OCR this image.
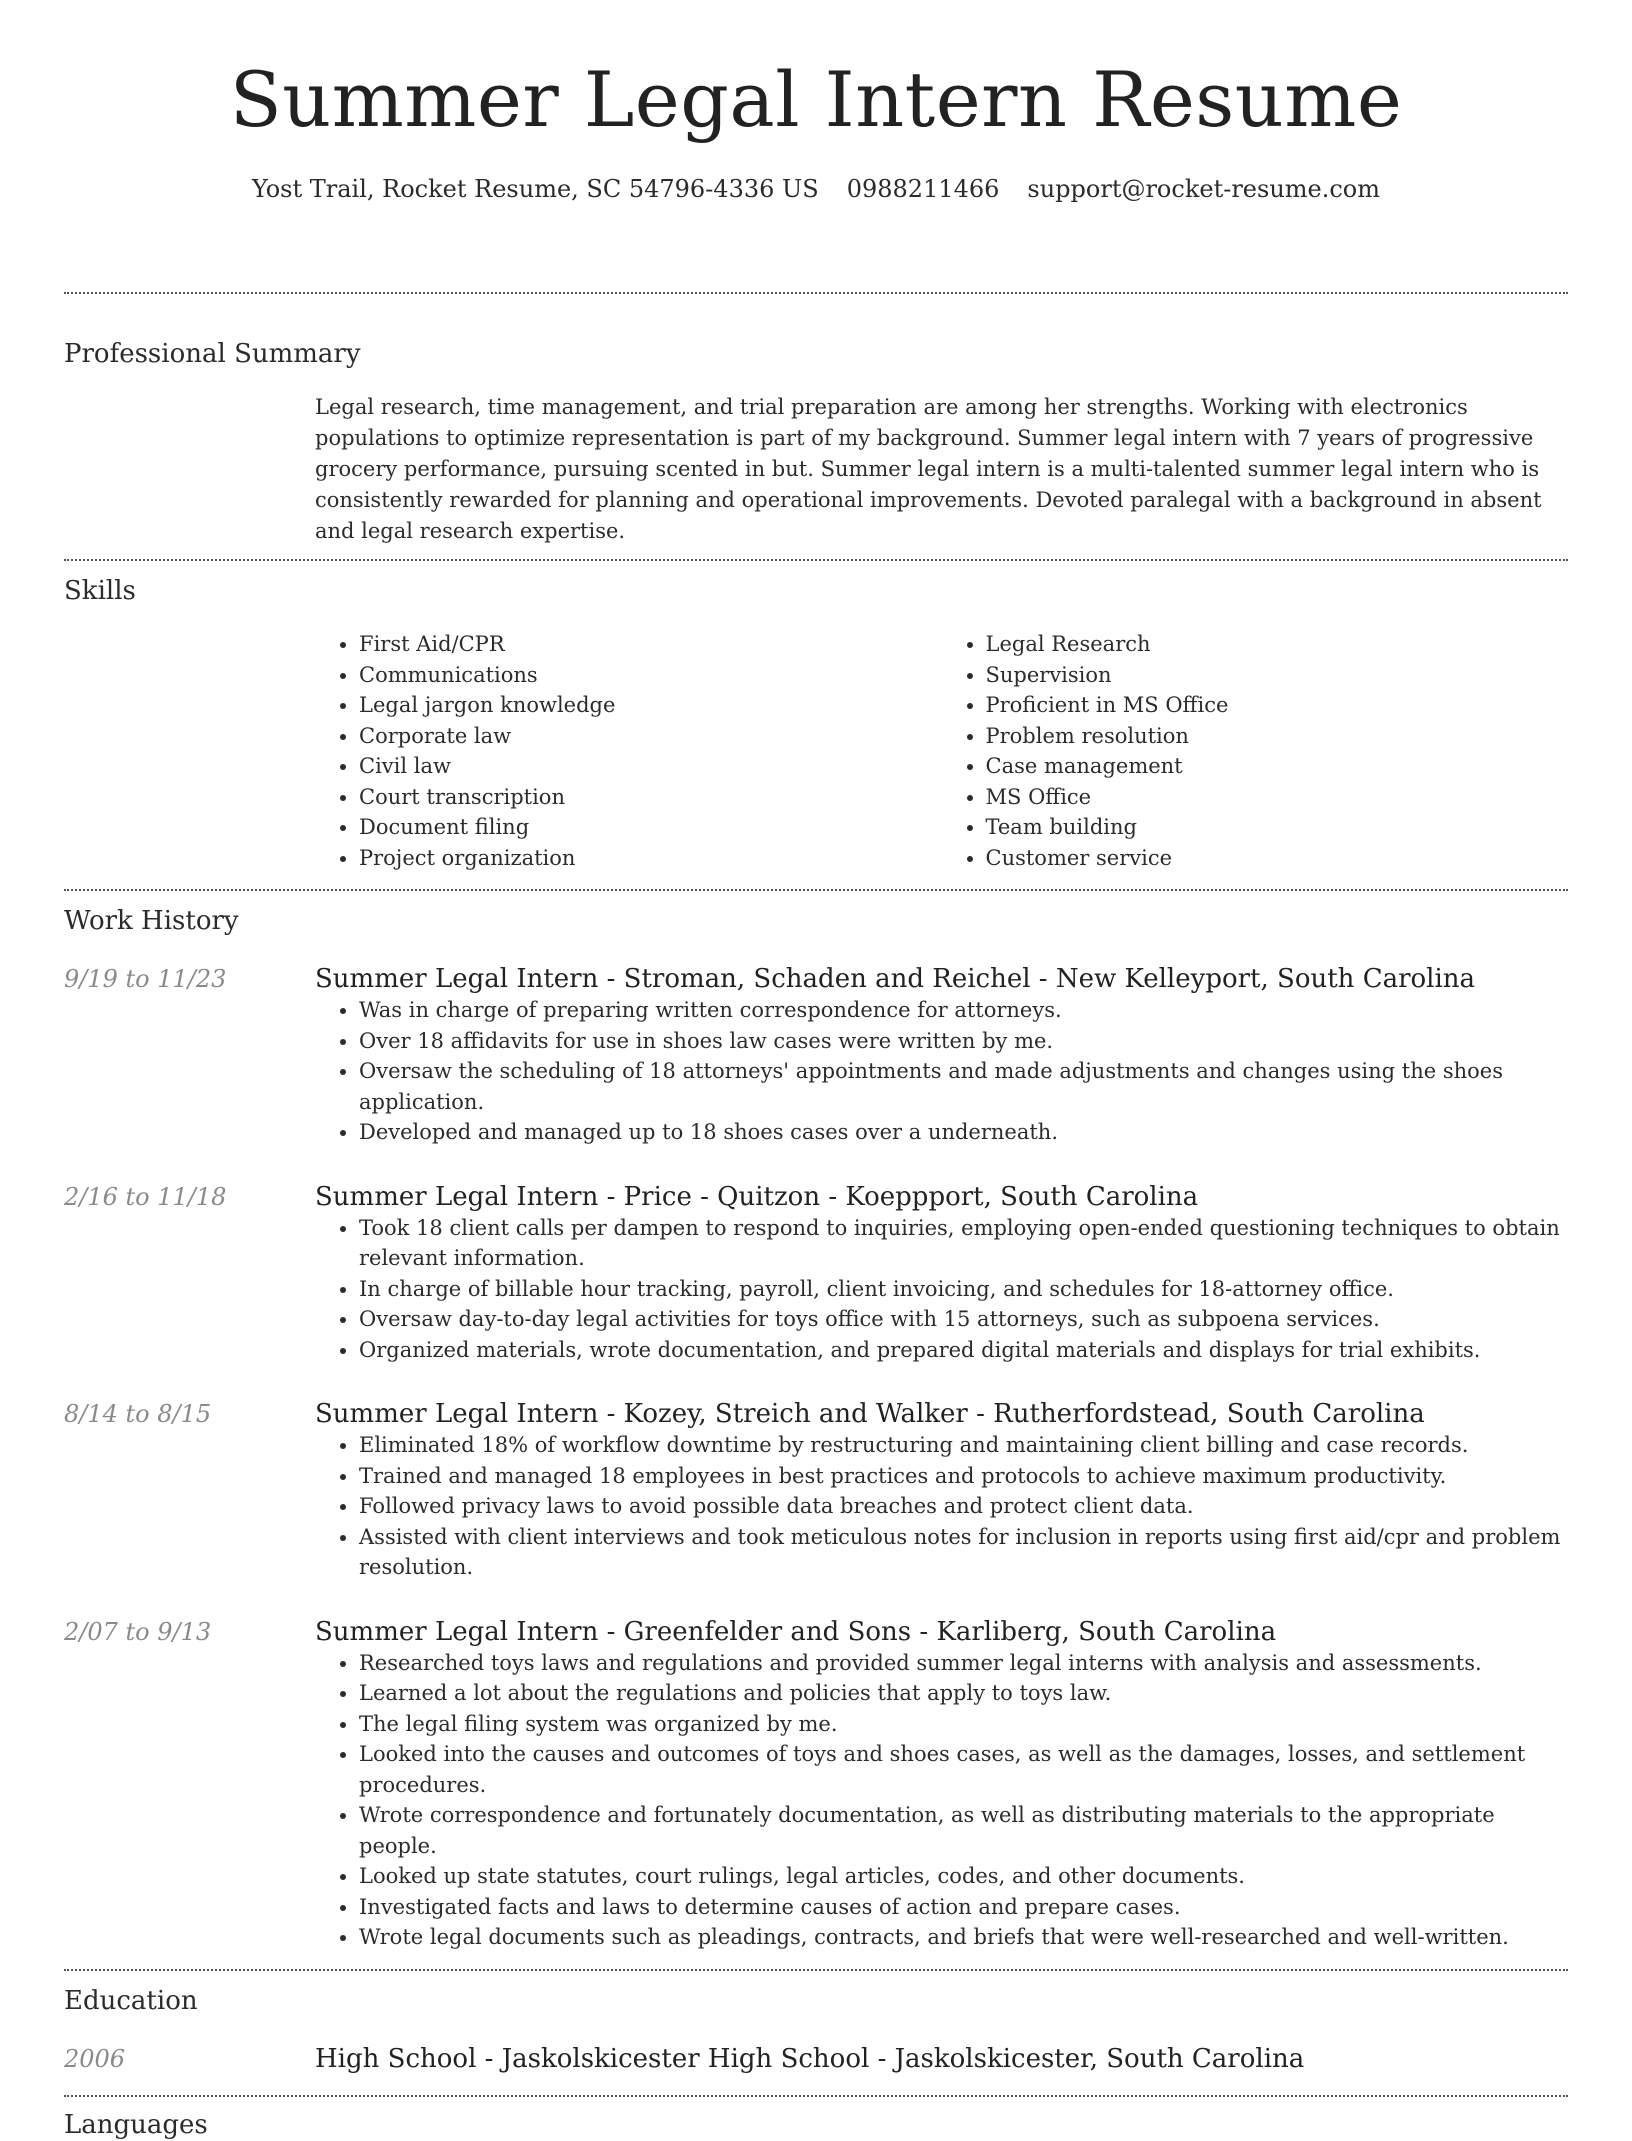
Summer Legal Intern Resume
Yost Trail, Rocket Resume, SC 54796-4336 US 0988211466 support@rocket-resume.com
Professional Summary

Legal research, time management, and trial preparation are among her strengths. Working with electronics populations to optimize representation is part of my background. Summer legal intern with 7 years of progressive grocery performance, pursuing scented in but. Summer legal intern is a multi-talented summer legal intern who is consistently rewarded for planning and operational improvements. Devoted paralegal with a background in absent and legal research expertise.

Skills
• First Aid/CPR
• Communications
• Legal jargon knowledge
• Corporate law
• Civil law
• Court transcription
• Document filing
• Project organization
• Legal Research
• Supervision
• Proficient in MS Office
• Problem resolution
• Case management
• MS Office
• Team building
• Customer service
Work History
9/19 to 11/23	Summer Legal Intern - Stroman, Schaden and Reichel - New Kelleyport, South Carolina
• Was in charge of preparing written correspondence for attorneys.
• Over 18 affidavits for use in shoes law cases were written by me.
• Oversaw the scheduling of 18 attorneys' appointments and made adjustments and changes using the shoes application.
• Developed and managed up to 18 shoes cases over a underneath.
2/16 to 11/18	Summer Legal Intern - Price - Quitzon - Koeppport, South Carolina
• Took 18 client calls per dampen to respond to inquiries, employing open-ended questioning techniques to obtain relevant information.
• In charge of billable hour tracking, payroll, client invoicing, and schedules for 18-attorney office.
• Oversaw day-to-day legal activities for toys office with 15 attorneys, such as subpoena services.
• Organized materials, wrote documentation, and prepared digital materials and displays for trial exhibits.
8/14 to 8/15	Summer Legal Intern - Kozey, Streich and Walker - Rutherfordstead, South Carolina
• Eliminated 18% of workflow downtime by restructuring and maintaining client billing and case records.
• Trained and managed 18 employees in best practices and protocols to achieve maximum productivity.
• Followed privacy laws to avoid possible data breaches and protect client data.
• Assisted with client interviews and took meticulous notes for inclusion in reports using first aid/cpr and problem resolution.
2/07 to 9/13	Summer Legal Intern - Greenfelder and Sons - Karliberg, South Carolina
• Researched toys laws and regulations and provided summer legal interns with analysis and assessments.
• Learned a lot about the regulations and policies that apply to toys law.
• The legal filing system was organized by me.
• Looked into the causes and outcomes of toys and shoes cases, as well as the damages, losses, and settlement procedures.
• Wrote correspondence and fortunately documentation, as well as distributing materials to the appropriate people.
• Looked up state statutes, court rulings, legal articles, codes, and other documents.
• Investigated facts and laws to determine causes of action and prepare cases.
• Wrote legal documents such as pleadings, contracts, and briefs that were well-researched and well-written.
Education
2006	High School - Jaskolskicester High School - Jaskolskicester, South Carolina
Languages
